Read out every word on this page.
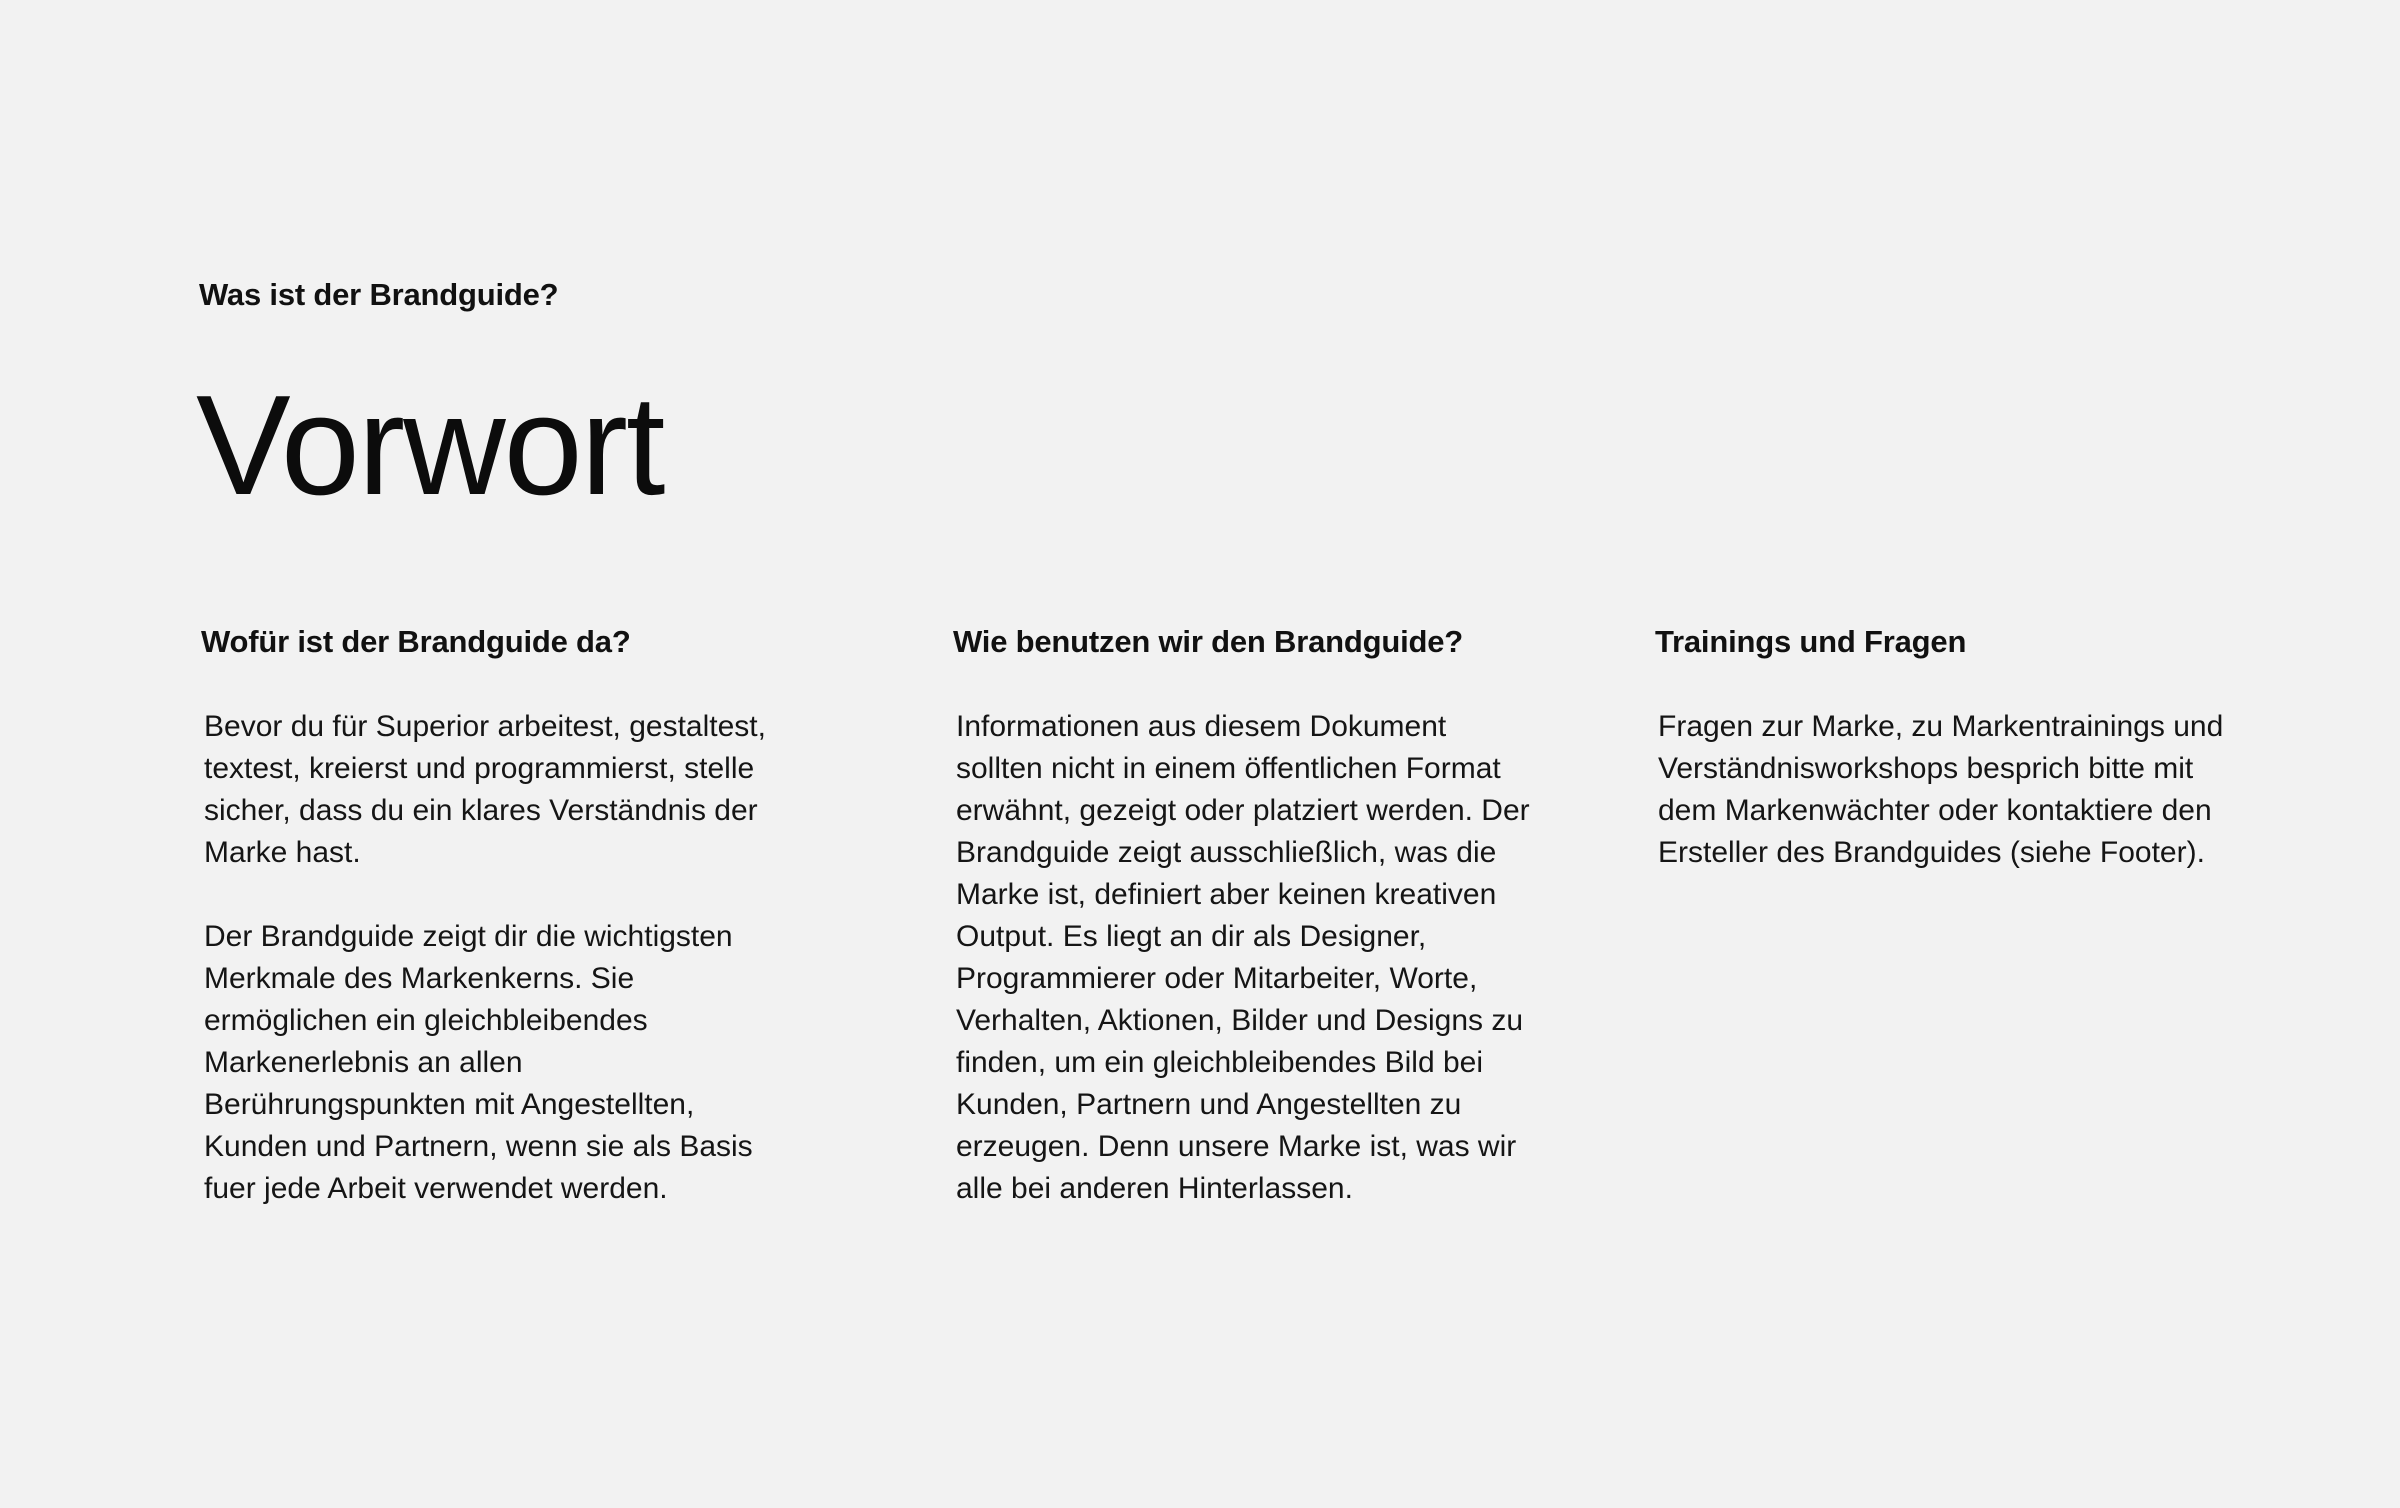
Was ist der Brandguide?
Vorwort
Wofür ist der Brandguide da?

Bevor du für Superior arbeitest, gestaltest,
textest, kreierst und programmierst, stelle
sicher, dass du ein klares Verständnis der
Marke hast.

Der Brandguide zeigt dir die wichtigsten
Merkmale des Markenkerns. Sie
ermöglichen ein gleichbleibendes
Markenerlebnis an allen
Berührungspunkten mit Angestellten,
Kunden und Partnern, wenn sie als Basis
fuer jede Arbeit verwendet werden.

Wie benutzen wir den Brandguide?

Informationen aus diesem Dokument
sollten nicht in einem öffentlichen Format
erwähnt, gezeigt oder platziert werden. Der
Brandguide zeigt ausschließlich, was die
Marke ist, definiert aber keinen kreativen
Output. Es liegt an dir als Designer,
Programmierer oder Mitarbeiter, Worte,
Verhalten, Aktionen, Bilder und Designs zu
finden, um ein gleichbleibendes Bild bei
Kunden, Partnern und Angestellten zu
erzeugen. Denn unsere Marke ist, was wir
alle bei anderen Hinterlassen.

Trainings und Fragen

Fragen zur Marke, zu Markentrainings und
Verständnisworkshops besprich bitte mit
dem Markenwächter oder kontaktiere den
Ersteller des Brandguides (siehe Footer).
